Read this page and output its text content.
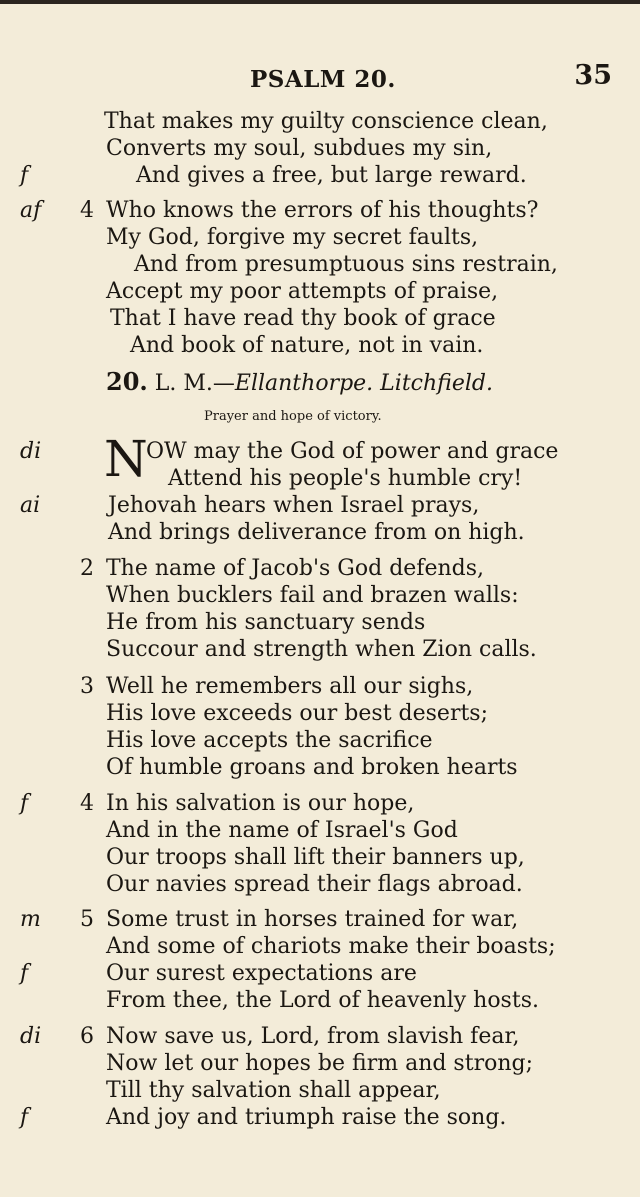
PSALM 20.	35
That makes my guilty conscience clean,
Converts my soul, subdues my sin,
f	And gives a free, but large reward.
af 4 Who knows the errors of his thoughts?
My God, forgive my secret faults,
And from presumptuous sins restrain,
Accept my poor attempts of praise,
That I have read thy book of grace
And book of nature, not in vain.
20. L. M.—Ellanthorpe. Litchfield.
Prayer and hope of victory.
N
di	OW may the God of power and grace
Attend his people's humble cry!
ai	Jehovah hears when Israel prays,
And brings deliverance from on high.
2 The name of Jacob's God defends,
When bucklers fail and brazen walls:
He from his sanctuary sends
Succour and strength when Zion calls.
3 Well he remembers all our sighs,
His love exceeds our best deserts;
His love accepts the sacrifice
Of humble groans and broken hearts
f 4 In his salvation is our hope,
And in the name of Israel's God
Our troops shall lift their banners up,
Our navies spread their flags abroad.
m 5 Some trust in horses trained for war,
And some of chariots make their boasts;
f	Our surest expectations are
From thee, the Lord of heavenly hosts.
di 6 Now save us, Lord, from slavish fear,
Now let our hopes be firm and strong;
Till thy salvation shall appear,
f	And joy and triumph raise the song.
